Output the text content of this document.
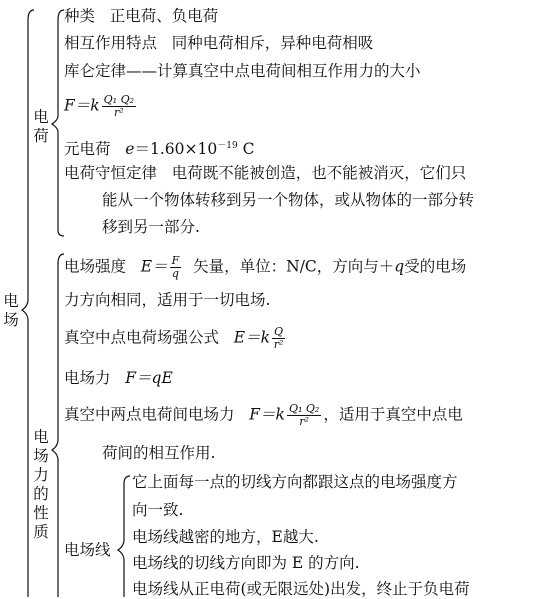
电
场
电
荷
种类 正电荷、负电荷
相互作用特点 同种电荷相斥，异种电荷相吸
库仑定律——计算真空中点电荷间相互作用力的大小
$F=k \frac{\text{Q₁ Q₂}}{\text{r²}}$
元电荷 $e=1.60\times 10^{-19}$ C
电荷守恒定律 电荷既不能被创造，也不能被消灭，它们只
能从一个物体转移到另一个物体，或从物体的一部分转
移到另一部分.
电
场
力
的
性
质
电场强度 $E= \frac{F}{q}$ 矢量，单位：N/C，方向与＋q受的电场
力方向相同，适用于一切电场.
真空中点电荷场强公式 $E=k \frac{Q}{\text{r²}}$
电场力 F＝qE
真空中两点电荷间电场力 $F=k \frac{\text{Q₁ Q₂}}{\text{r²}}$ ，适用于真空中点电
荷间的相互作用.
电场线
它上面每一点的切线方向都跟这点的电场强度方
向一致.
电场线越密的地方，E越大.
电场线的切线方向即为 E 的方向.
电场线从正电荷(或无限远处)出发，终止于负电荷
